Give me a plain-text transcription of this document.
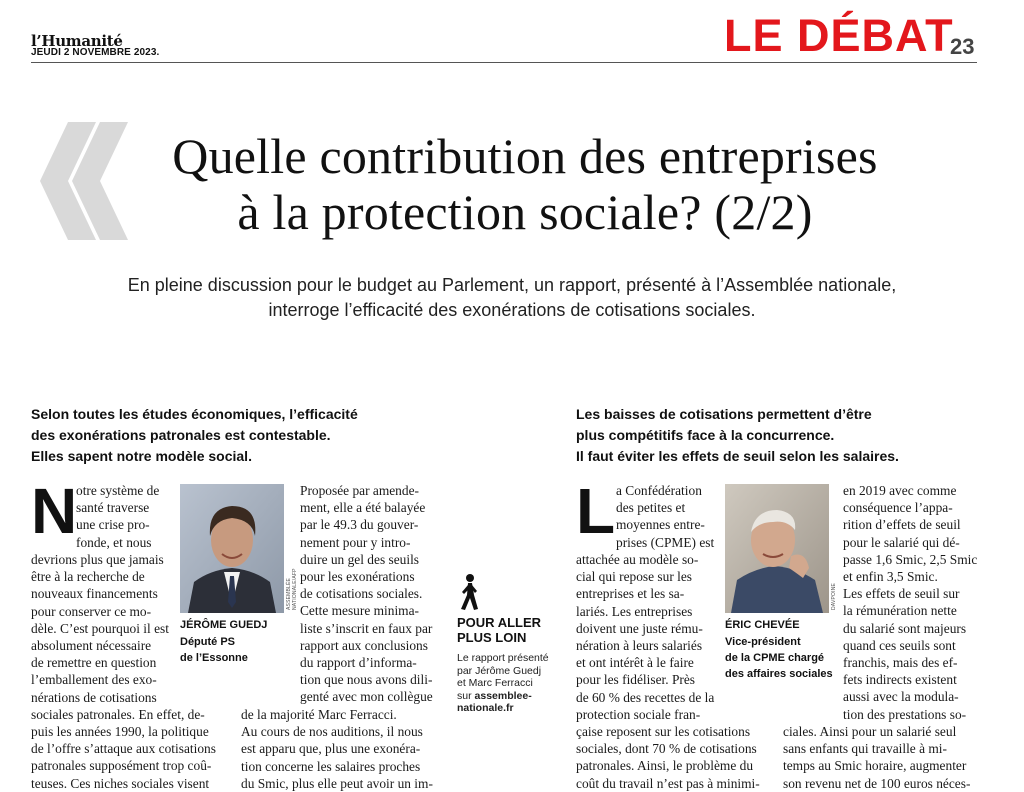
l’Humanité
JEUDI 2 NOVEMBRE 2023.	LE DÉBAT
23
Quelle contribution des entreprises
à la protection sociale? (2/2)
En pleine discussion pour le budget au Parlement, un rapport, présenté à l’Assemblée nationale,
interroge l’efficacité des exonérations de cotisations sociales.
Selon toutes les études économiques, l’efficacité
des exonérations patronales est contestable.
Elles sapent notre modèle social.
Les baisses de cotisations permettent d’être
plus compétitifs face à la concurrence.
Il faut éviter les effets de seuil selon les salaires.
N
otre système de
santé traverse
une crise pro-
fonde, et nous
devrions plus que jamais
être à la recherche de
nouveaux financements
pour conserver ce mo-
dèle. C’est pourquoi il est
absolument nécessaire
de remettre en question
l’emballement des exo-
nérations de cotisations
sociales patronales. En effet, de-
puis les années 1990, la politique
de l’offre s’attaque aux cotisations
patronales supposément trop coû-
teuses. Ces niches sociales visent
ASSEMBLÉE NATIONALE/AFP
JÉRÔME GUEDJ
Député PS
de l’Essonne
Proposée par amende-
ment, elle a été balayée
par le 49.3 du gouver-
nement pour y intro-
duire un gel des seuils
pour les exonérations
de cotisations sociales.
Cette mesure minima-
liste s’inscrit en faux par
rapport aux conclusions
du rapport d’informa-
tion que nous avons dili-
genté avec mon collègue
de la majorité Marc Ferracci.
Au cours de nos auditions, il nous
est apparu que, plus une exonéra-
tion concerne les salaires proches
du Smic, plus elle peut avoir un im-
POUR ALLER
PLUS LOIN
Le rapport présenté
par Jérôme Guedj
et Marc Ferracci
sur assemblee-
nationale.fr
L a Confédération
des petites et
moyennes entre-
prises (CPME) est
attachée au modèle so-
cial qui repose sur les
entreprises et les sa-
lariés. Les entreprises
doivent une juste rému-
nération à leurs salariés
et ont intérêt à le faire
pour les fidéliser. Près
de 60 % des recettes de la
protection sociale fran-
çaise reposent sur les cotisations
sociales, dont 70 % de cotisations
patronales. Ainsi, le problème du
coût du travail n’est pas à minimi-
DAVPOINE
ÉRIC CHEVÉE
Vice-président
de la CPME chargé
des affaires sociales
en 2019 avec comme
conséquence l’appa-
rition d’effets de seuil
pour le salarié qui dé-
passe 1,6 Smic, 2,5 Smic
et enfin 3,5 Smic.
Les effets de seuil sur
la rémunération nette
du salarié sont majeurs
quand ces seuils sont
franchis, mais des ef-
fets indirects existent
aussi avec la modula-
tion des prestations so-
ciales. Ainsi pour un salarié seul
sans enfants qui travaille à mi-
temps au Smic horaire, augmenter
son revenu net de 100 euros néces-
